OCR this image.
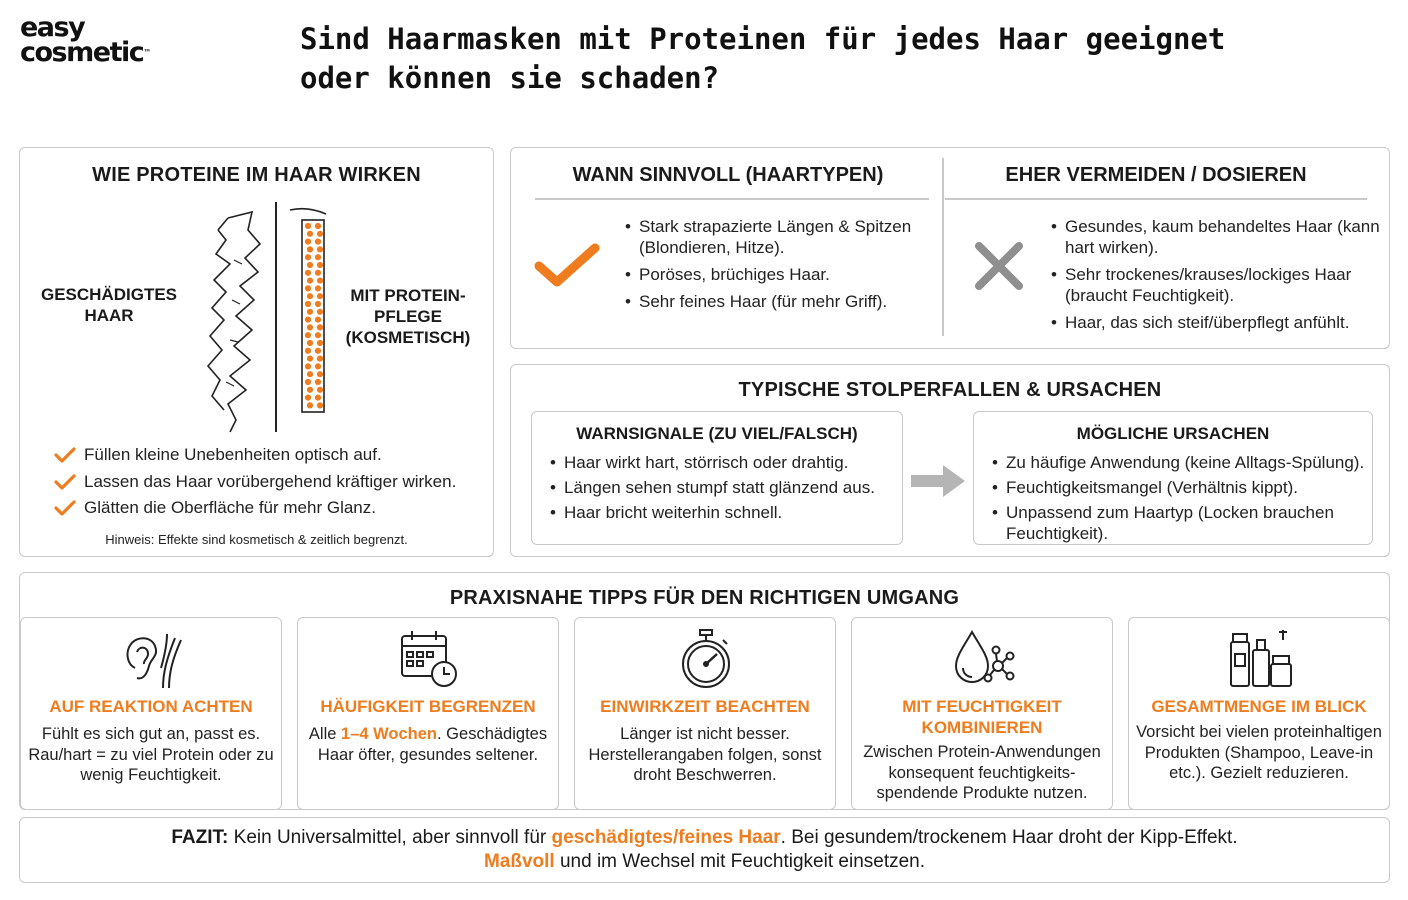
easy
cosmetic™	Sind Haarmasken mit Proteinen für jedes Haar geeignet oder können sie schaden?
WIE PROTEINE IM HAAR WIRKEN
GESCHÄDIGTES HAAR
MIT PROTEIN-PFLEGE (KOSMETISCH)
Füllen kleine Unebenheiten optisch auf.
Lassen das Haar vorübergehend kräftiger wirken.
Glätten die Oberfläche für mehr Glanz.
Hinweis: Effekte sind kosmetisch & zeitlich begrenzt.
WANN SINNVOLL (HAARTYPEN)	EHER VERMEIDEN / DOSIEREN
• Stark strapazierte Längen & Spitzen (Blondieren, Hitze).
• Poröses, brüchiges Haar.
• Sehr feines Haar (für mehr Griff).
• Gesundes, kaum behandeltes Haar (kann hart wirken).
• Sehr trockenes/krauses/lockiges Haar (braucht Feuchtigkeit).
• Haar, das sich steif/überpflegt anfühlt.
TYPISCHE STOLPERFALLEN & URSACHEN
WARNSIGNALE (ZU VIEL/FALSCH)
• Haar wirkt hart, störrisch oder drahtig.
• Längen sehen stumpf statt glänzend aus.
• Haar bricht weiterhin schnell.
MÖGLICHE URSACHEN
• Zu häufige Anwendung (keine Alltags-Spülung).
• Feuchtigkeitsmangel (Verhältnis kippt).
• Unpassend zum Haartyp (Locken brauchen Feuchtigkeit).
PRAXISNAHE TIPPS FÜR DEN RICHTIGEN UMGANG
AUF REAKTION ACHTEN
Fühlt es sich gut an, passt es. Rau/hart = zu viel Protein oder zu wenig Feuchtigkeit.
HÄUFIGKEIT BEGRENZEN
Alle 1–4 Wochen. Geschädigtes Haar öfter, gesundes seltener.
EINWIRKZEIT BEACHTEN
Länger ist nicht besser. Herstellerangaben folgen, sonst droht Beschwerren.
MIT FEUCHTIGKEIT KOMBINIEREN
Zwischen Protein-Anwendungen konsequent feuchtigkeits-spendende Produkte nutzen.
GESAMTMENGE IM BLICK
Vorsicht bei vielen proteinhaltigen Produkten (Shampoo, Leave-in etc.). Gezielt reduzieren.
FAZIT: Kein Universalmittel, aber sinnvoll für geschädigtes/feines Haar. Bei gesundem/trockenem Haar droht der Kipp-Effekt.
Maßvoll und im Wechsel mit Feuchtigkeit einsetzen.
